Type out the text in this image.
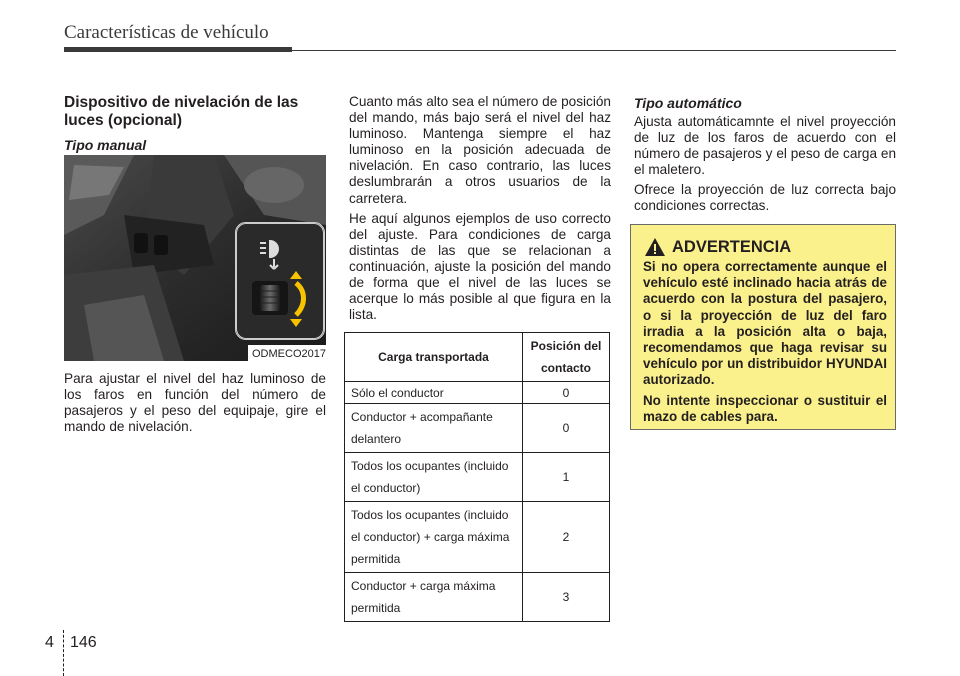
Características de vehículo
Dispositivo de nivelación de las luces (opcional)
Tipo manual
ODMECO2017

Para ajustar el nivel del haz luminoso de los faros en función del número de pasajeros y el peso del equipaje, gire el mando de nivelación.

Cuanto más alto sea el número de posición del mando, más bajo será el nivel del haz luminoso. Mantenga siempre el haz luminoso en la posición adecuada de nivelación. En caso contrario, las luces deslumbrarán a otros usuarios de la carretera.

He aquí algunos ejemplos de uso correcto del ajuste. Para condiciones de carga distintas de las que se relacionan a continuación, ajuste la posición del mando de forma que el nivel de las luces se acerque lo más posible al que figura en la lista.

Carga transportada	Posición del contacto
Sólo el conductor	0
Conductor + acompañante delantero	0
Todos los ocupantes (incluido el conductor)	1
Todos los ocupantes (incluido el conductor) + carga máxima permitida	2
Conductor + carga máxima permitida	3
Tipo automático

Ajusta automáticamnte el nivel proyección de luz de los faros de acuerdo con el número de pasajeros y el peso de carga en el maletero.

Ofrece la proyección de luz correcta bajo condiciones correctas.

ADVERTENCIA

Si no opera correctamente aunque el vehículo esté inclinado hacia atrás de acuerdo con la postura del pasajero, o si la proyección de luz del faro irradia a la posición alta o baja, recomendamos que haga revisar su vehículo por un distribuidor HYUNDAI autorizado.

No intente inspeccionar o sustituir el mazo de cables para.

4 146
